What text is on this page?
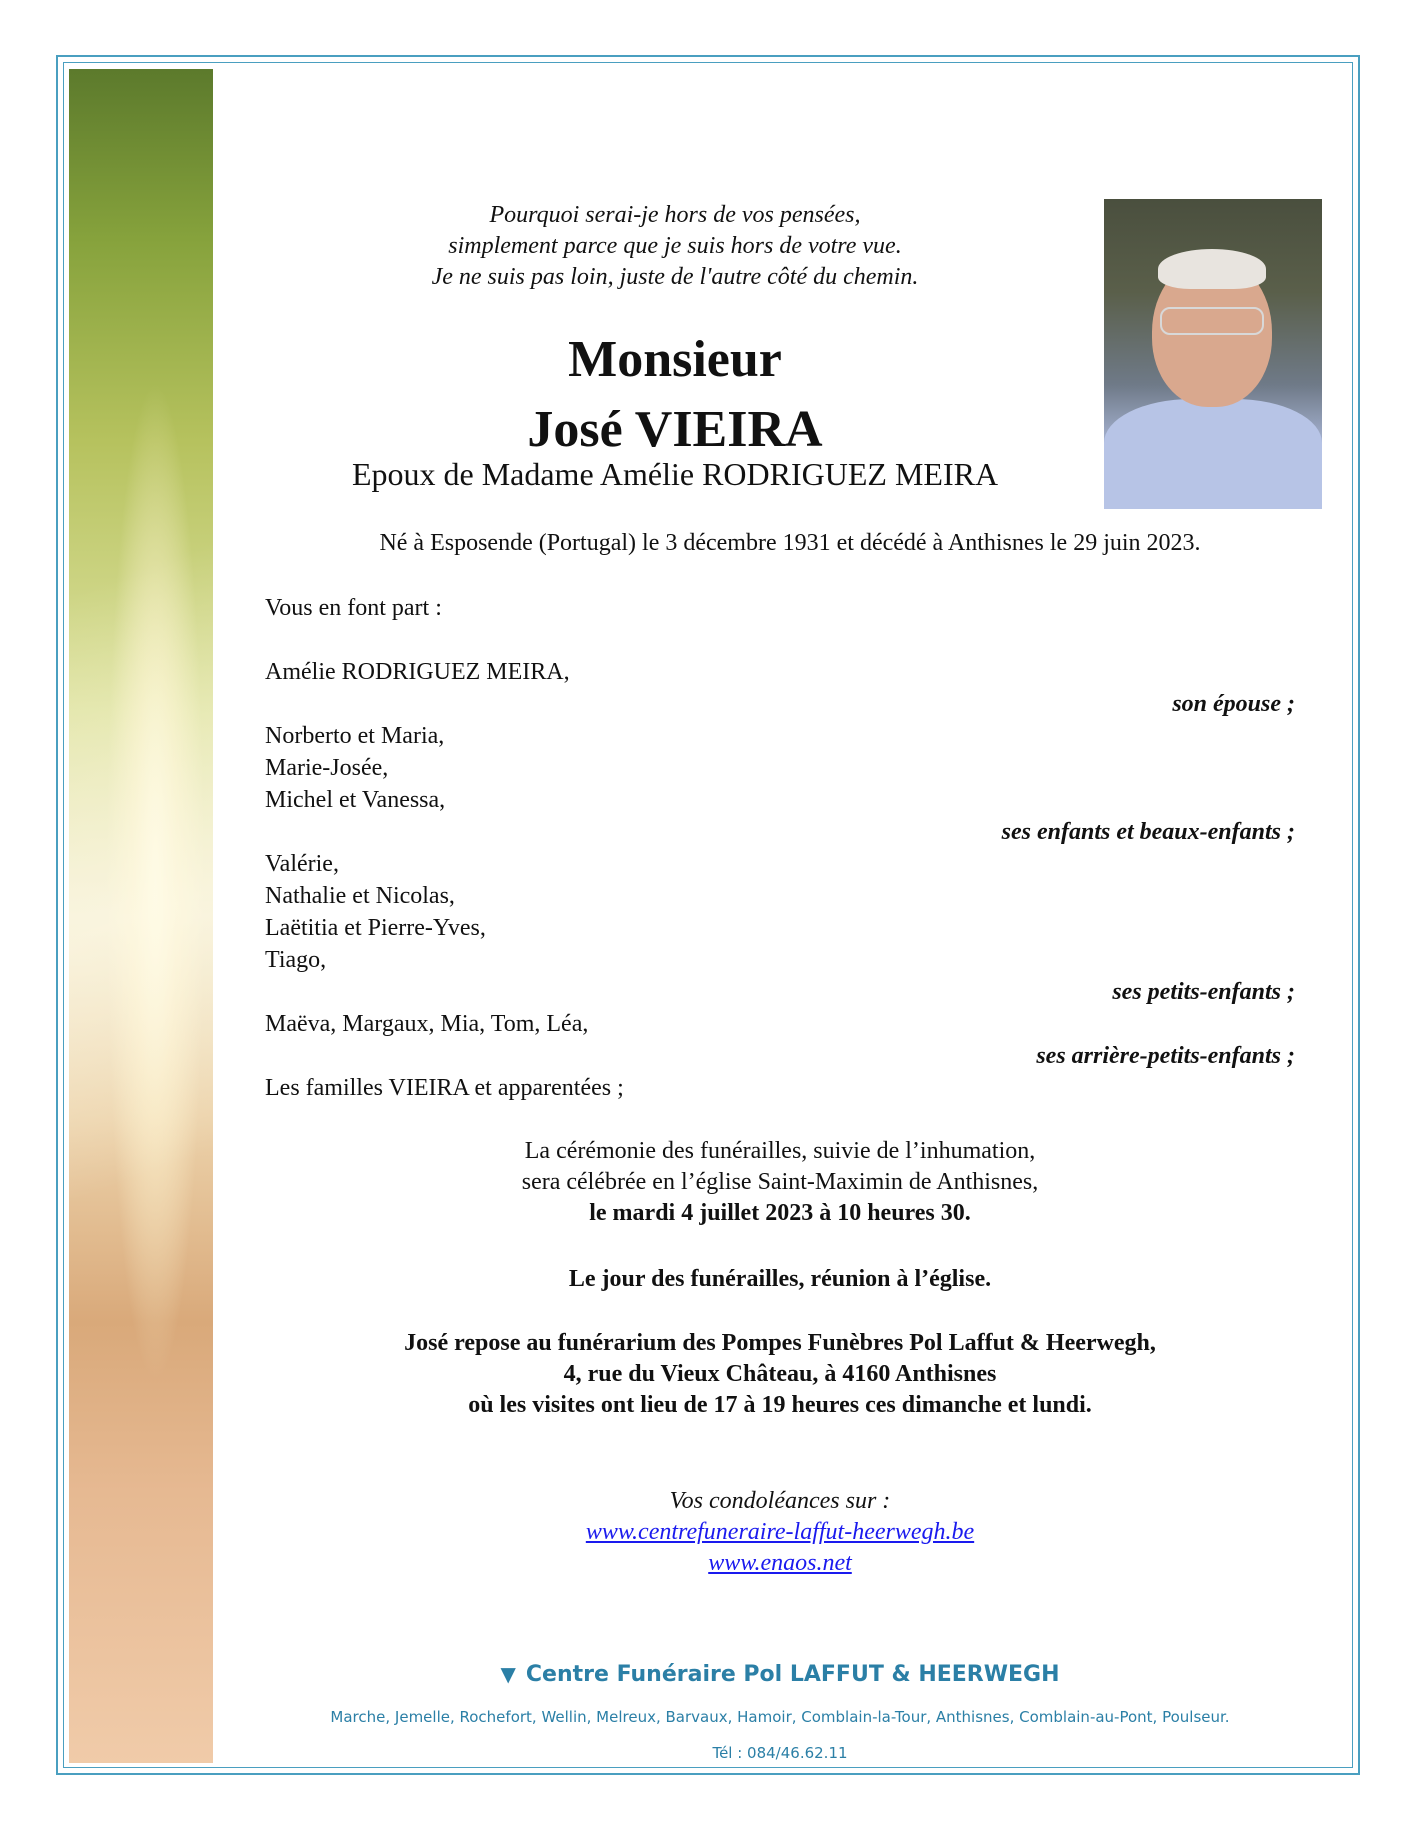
Pourquoi serai-je hors de vos pensées,
simplement parce que je suis hors de votre vue.
Je ne suis pas loin, juste de l'autre côté du chemin.
Monsieur
José VIEIRA
Epoux de Madame Amélie RODRIGUEZ MEIRA
Né à Esposende (Portugal) le 3 décembre 1931 et décédé à Anthisnes le 29 juin 2023.
Vous en font part :
Amélie RODRIGUEZ MEIRA,
son épouse ;
Norberto et Maria,
Marie-Josée,
Michel et Vanessa,
ses enfants et beaux-enfants ;
Valérie,
Nathalie et Nicolas,
Laëtitia et Pierre-Yves,
Tiago,
ses petits-enfants ;
Maëva, Margaux, Mia, Tom, Léa,
ses arrière-petits-enfants ;
Les familles VIEIRA et apparentées ;
La cérémonie des funérailles, suivie de l’inhumation,
sera célébrée en l’église Saint-Maximin de Anthisnes,
le mardi 4 juillet 2023 à 10 heures 30.
Le jour des funérailles, réunion à l’église.
José repose au funérarium des Pompes Funèbres Pol Laffut & Heerwegh,
4, rue du Vieux Château, à 4160 Anthisnes
où les visites ont lieu de 17 à 19 heures ces dimanche et lundi.
Vos condoléances sur :
www.centrefuneraire-laffut-heerwegh.be
www.enaos.net
▼ Centre Funéraire Pol LAFFUT & HEERWEGH
Marche, Jemelle, Rochefort, Wellin, Melreux, Barvaux, Hamoir, Comblain-la-Tour, Anthisnes, Comblain-au-Pont, Poulseur.
Tél : 084/46.62.11
